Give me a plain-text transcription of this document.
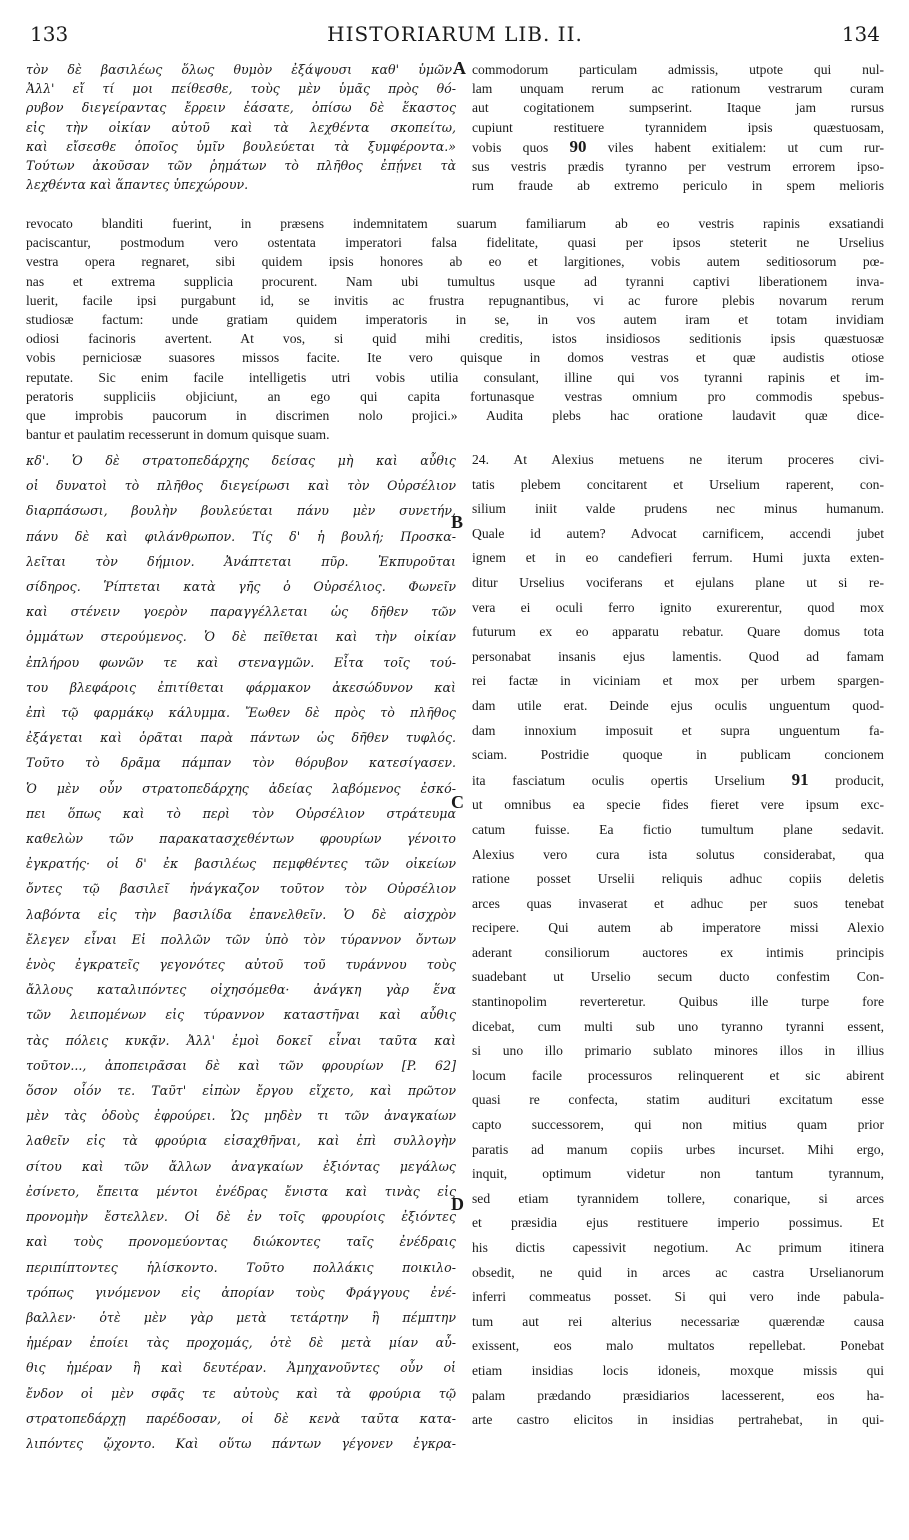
133	HISTORIARUM LIB. II.	134
τὸν δὲ βασιλέως ὅλως θυμὸν ἐξάψουσι καθ' ὑμῶν.
Ἀλλ' εἴ τί μοι πείθεσθε, τοὺς μὲν ὑμᾶς πρὸς θό-
ρυβον διεγείραντας ἔρρειν ἐάσατε, ὀπίσω δὲ ἕκαστος
εἰς τὴν οἰκίαν αὐτοῦ καὶ τὰ λεχθέντα σκοπείτω,
καὶ εἴσεσθε ὁποῖος ὑμῖν βουλεύεται τὰ ξυμφέροντα.»
Τούτων ἀκοῦσαν τῶν ῥημάτων τὸ πλῆθος ἐπῄνει τὰ
λεχθέντα καὶ ἅπαντες ὑπεχώρουν.
A commodorum particulam admissis, utpote qui nul-
lam unquam rerum ac rationum vestrarum curam
aut cogitationem sumpserint. Itaque jam rursus
cupiunt restituere tyrannidem ipsis quæstuosam,
vobis quos 90 viles habent exitialem: ut cum rur-
sus vestris prædis tyranno per vestrum errorem ipso-
rum fraude ab extremo periculo in spem melioris
revocato blanditi fuerint, in præsens indemnitatem suarum familiarum ab eo vestris rapinis exsatiandi
paciscantur, postmodum vero ostentata imperatori falsa fidelitate, quasi per ipsos steterit ne Urselius
vestra opera regnaret, sibi quidem ipsis honores ab eo et largitiones, vobis autem seditiosorum pœ-
nas et extrema supplicia procurent. Nam ubi tumultus usque ad tyranni captivi liberationem inva-
luerit, facile ipsi purgabunt id, se invitis ac frustra repugnantibus, vi ac furore plebis novarum rerum
studiosæ factum: unde gratiam quidem imperatoris in se, in vos autem iram et totam invidiam
odiosi facinoris avertent. At vos, si quid mihi creditis, istos insidiosos seditionis ipsis quæstuosæ
vobis perniciosæ suasores missos facite. Ite vero quisque in domos vestras et quæ audistis otiose
reputate. Sic enim facile intelligetis utri vobis utilia consulant, illine qui vos tyranni rapinis et im-
peratoris suppliciis objiciunt, an ego qui capita fortunasque vestras omnium pro commodis spebus-
que improbis paucorum in discrimen nolo projici.» Audita plebs hac oratione laudavit quæ dice-
bantur et paulatim recesserunt in domum quisque suam.
κδ'. Ὁ δὲ στρατοπεδάρχης δείσας μὴ καὶ αὖθις
οἱ δυνατοὶ τὸ πλῆθος διεγείρωσι καὶ τὸν Οὐρσέλιον
διαρπάσωσι, βουλὴν βουλεύεται πάνυ μὲν συνετήν,
πάνυ δὲ καὶ φιλάνθρωπον. Τίς δ' ἡ βουλή; Προσκα-
λεῖται τὸν δήμιον. Ἀνάπτεται πῦρ. Ἐκπυροῦται
σίδηρος. Ῥίπτεται κατὰ γῆς ὁ Οὐρσέλιος. Φωνεῖν
καὶ στένειν γοερὸν παραγγέλλεται ὡς δῆθεν τῶν
ὀμμάτων στερούμενος. Ὁ δὲ πεῖθεται καὶ τὴν οἰκίαν
ἐπλήρου φωνῶν τε καὶ στεναγμῶν. Εἶτα τοῖς τού-
του βλεφάροις ἐπιτίθεται φάρμακον ἀκεσώδυνον καὶ
ἐπὶ τῷ φαρμάκῳ κάλυμμα. Ἔωθεν δὲ πρὸς τὸ πλῆθος
ἐξάγεται καὶ ὁρᾶται παρὰ πάντων ὡς δῆθεν τυφλός.
Τοῦτο τὸ δρᾶμα πάμπαν τὸν θόρυβον κατεσίγασεν.
Ὁ μὲν οὖν στρατοπεδάρχης ἀδείας λαβόμενος ἐσκό-
πει ὅπως καὶ τὸ περὶ τὸν Οὐρσέλιον στράτευμα
καθελὼν τῶν παρακατασχεθέντων φρουρίων γένοιτο
ἐγκρατής· οἱ δ' ἐκ βασιλέως πεμφθέντες τῶν οἰκείων
ὄντες τῷ βασιλεῖ ἠνάγκαζον τοῦτον τὸν Οὐρσέλιον
λαβόντα εἰς τὴν βασιλίδα ἐπανελθεῖν. Ὁ δὲ αἰσχρὸν
ἔλεγεν εἶναι Εἰ πολλῶν τῶν ὑπὸ τὸν τύραννον ὄντων
ἑνὸς ἐγκρατεῖς γεγονότες αὐτοῦ τοῦ τυράννου τοὺς
ἄλλους καταλιπόντες οἰχησόμεθα· ἀνάγκη γὰρ ἕνα
τῶν λειπομένων εἰς τύραννον καταστῆναι καὶ αὖθις
τὰς πόλεις κυκᾷν. Ἀλλ' ἐμοὶ δοκεῖ εἶναι ταῦτα καὶ
τοῦτον..., ἀποπειρᾶσαι δὲ καὶ τῶν φρουρίων [P. 62]
ὅσον οἷόν τε. Ταῦτ' εἰπὼν ἔργου εἴχετο, καὶ πρῶτον
μὲν τὰς ὁδοὺς ἐφρούρει. Ὡς μηδὲν τι τῶν ἀναγκαίων
λαθεῖν εἰς τὰ φρούρια εἰσαχθῆναι, καὶ ἐπὶ συλλογὴν
σίτου καὶ τῶν ἄλλων ἀναγκαίων ἐξιόντας μεγάλως
ἐσίνετο, ἔπειτα μέντοι ἐνέδρας ἔνιστα καὶ τινὰς εἰς
προνομὴν ἔστελλεν. Οἱ δὲ ἐν τοῖς φρουρίοις ἐξιόντες
καὶ τοὺς προνομεύοντας διώκοντες ταῖς ἐνέδραις
περιπίπτοντες ἡλίσκοντο. Τοῦτο πολλάκις ποικιλο-
τρόπως γινόμενον εἰς ἀπορίαν τοὺς Φράγγους ἐνέ-
βαλλεν· ὁτὲ μὲν γὰρ μετὰ τετάρτην ἢ πέμπτην
ἡμέραν ἐποίει τὰς προχομάς, ὁτὲ δὲ μετὰ μίαν αὖ-
θις ἡμέραν ἢ καὶ δευτέραν. Ἀμηχανοῦντες οὖν οἱ
ἔνδον οἱ μὲν σφᾶς τε αὐτοὺς καὶ τὰ φρούρια τῷ
στρατοπεδάρχῃ παρέδοσαν, οἱ δὲ κενὰ ταῦτα κατα-
λιπόντες ᾤχοντο. Καὶ οὕτω πάντων γέγονεν ἐγκρα-
B
C
D
24. At Alexius metuens ne iterum proceres civi-
tatis plebem concitarent et Urselium raperent, con-
silium iniit valde prudens nec minus humanum.
Quale id autem? Advocat carnificem, accendi jubet
ignem et in eo candefieri ferrum. Humi juxta exten-
ditur Urselius vociferans et ejulans plane ut si re-
vera ei oculi ferro ignito exurerentur, quod mox
futurum ex eo apparatu rebatur. Quare domus tota
personabat insanis ejus lamentis. Quod ad famam
rei factæ in viciniam et mox per urbem spargen-
dam utile erat. Deinde ejus oculis unguentum quod-
dam innoxium imposuit et supra unguentum fa-
sciam. Postridie quoque in publicam concionem
ita fasciatum oculis opertis Urselium 91 producit,
ut omnibus ea specie fides fieret vere ipsum exc-
catum fuisse. Ea fictio tumultum plane sedavit.
Alexius vero cura ista solutus considerabat, qua
ratione posset Urselii reliquis adhuc copiis deletis
arces quas invaserat et adhuc per suos tenebat
recipere. Qui autem ab imperatore missi Alexio
aderant consiliorum auctores ex intimis principis
suadebant ut Urselio secum ducto confestim Con-
stantinopolim reverteretur. Quibus ille turpe fore
dicebat, cum multi sub uno tyranno tyranni essent,
si uno illo primario sublato minores illos in illius
locum facile processuros relinquerent et sic abirent
quasi re confecta, statim audituri excitatum esse
capto successorem, qui non mitius quam prior
paratis ad manum copiis urbes incurset. Mihi ergo,
inquit, optimum videtur non tantum tyrannum,
sed etiam tyrannidem tollere, conarique, si arces
et præsidia ejus restituere imperio possimus. Et
his dictis capessivit negotium. Ac primum itinera
obsedit, ne quid in arces ac castra Urselianorum
inferri commeatus posset. Si qui vero inde pabula-
tum aut rei alterius necessariæ quærendæ causa
exissent, eos malo multatos repellebat. Ponebat
etiam insidias locis idoneis, moxque missis qui
palam prædando præsidiarios lacesserent, eos ha-
arte castro elicitos in insidias pertrahebat, in qui-
